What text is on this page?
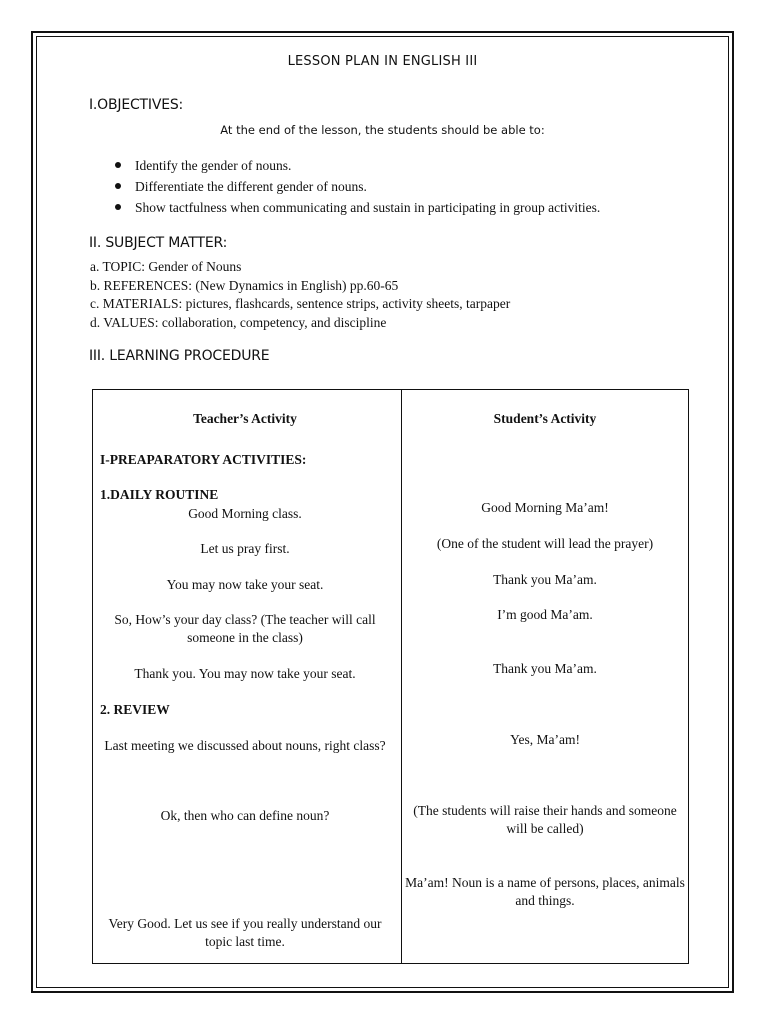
LESSON PLAN IN ENGLISH III
I.OBJECTIVES:
At the end of the lesson, the students should be able to:
Identify the gender of nouns.
Differentiate the different gender of nouns.
Show tactfulness when communicating and sustain in participating in group activities.
II. SUBJECT MATTER:
a. TOPIC: Gender of Nouns
b. REFERENCES: (New Dynamics in English) pp.60-65
c. MATERIALS: pictures, flashcards, sentence strips, activity sheets, tarpaper
d. VALUES: collaboration, competency, and discipline
III. LEARNING PROCEDURE
Teacher’s Activity	Student’s Activity
I-PREAPARATORY ACTIVITIES:
1.DAILY ROUTINE
Good Morning class.
Let us pray first.
You may now take your seat.
So, How’s your day class? (The teacher will call someone in the class)
Thank you. You may now take your seat.
2. REVIEW
Last meeting we discussed about nouns, right class?
Ok, then who can define noun?
Very Good. Let us see if you really understand our topic last time.
Good Morning Ma’am!
(One of the student will lead the prayer)
Thank you Ma’am.
I’m good Ma’am.
Thank you Ma’am.
Yes, Ma’am!
(The students will raise their hands and someone will be called)
Ma’am! Noun is a name of persons, places, animals and things.
